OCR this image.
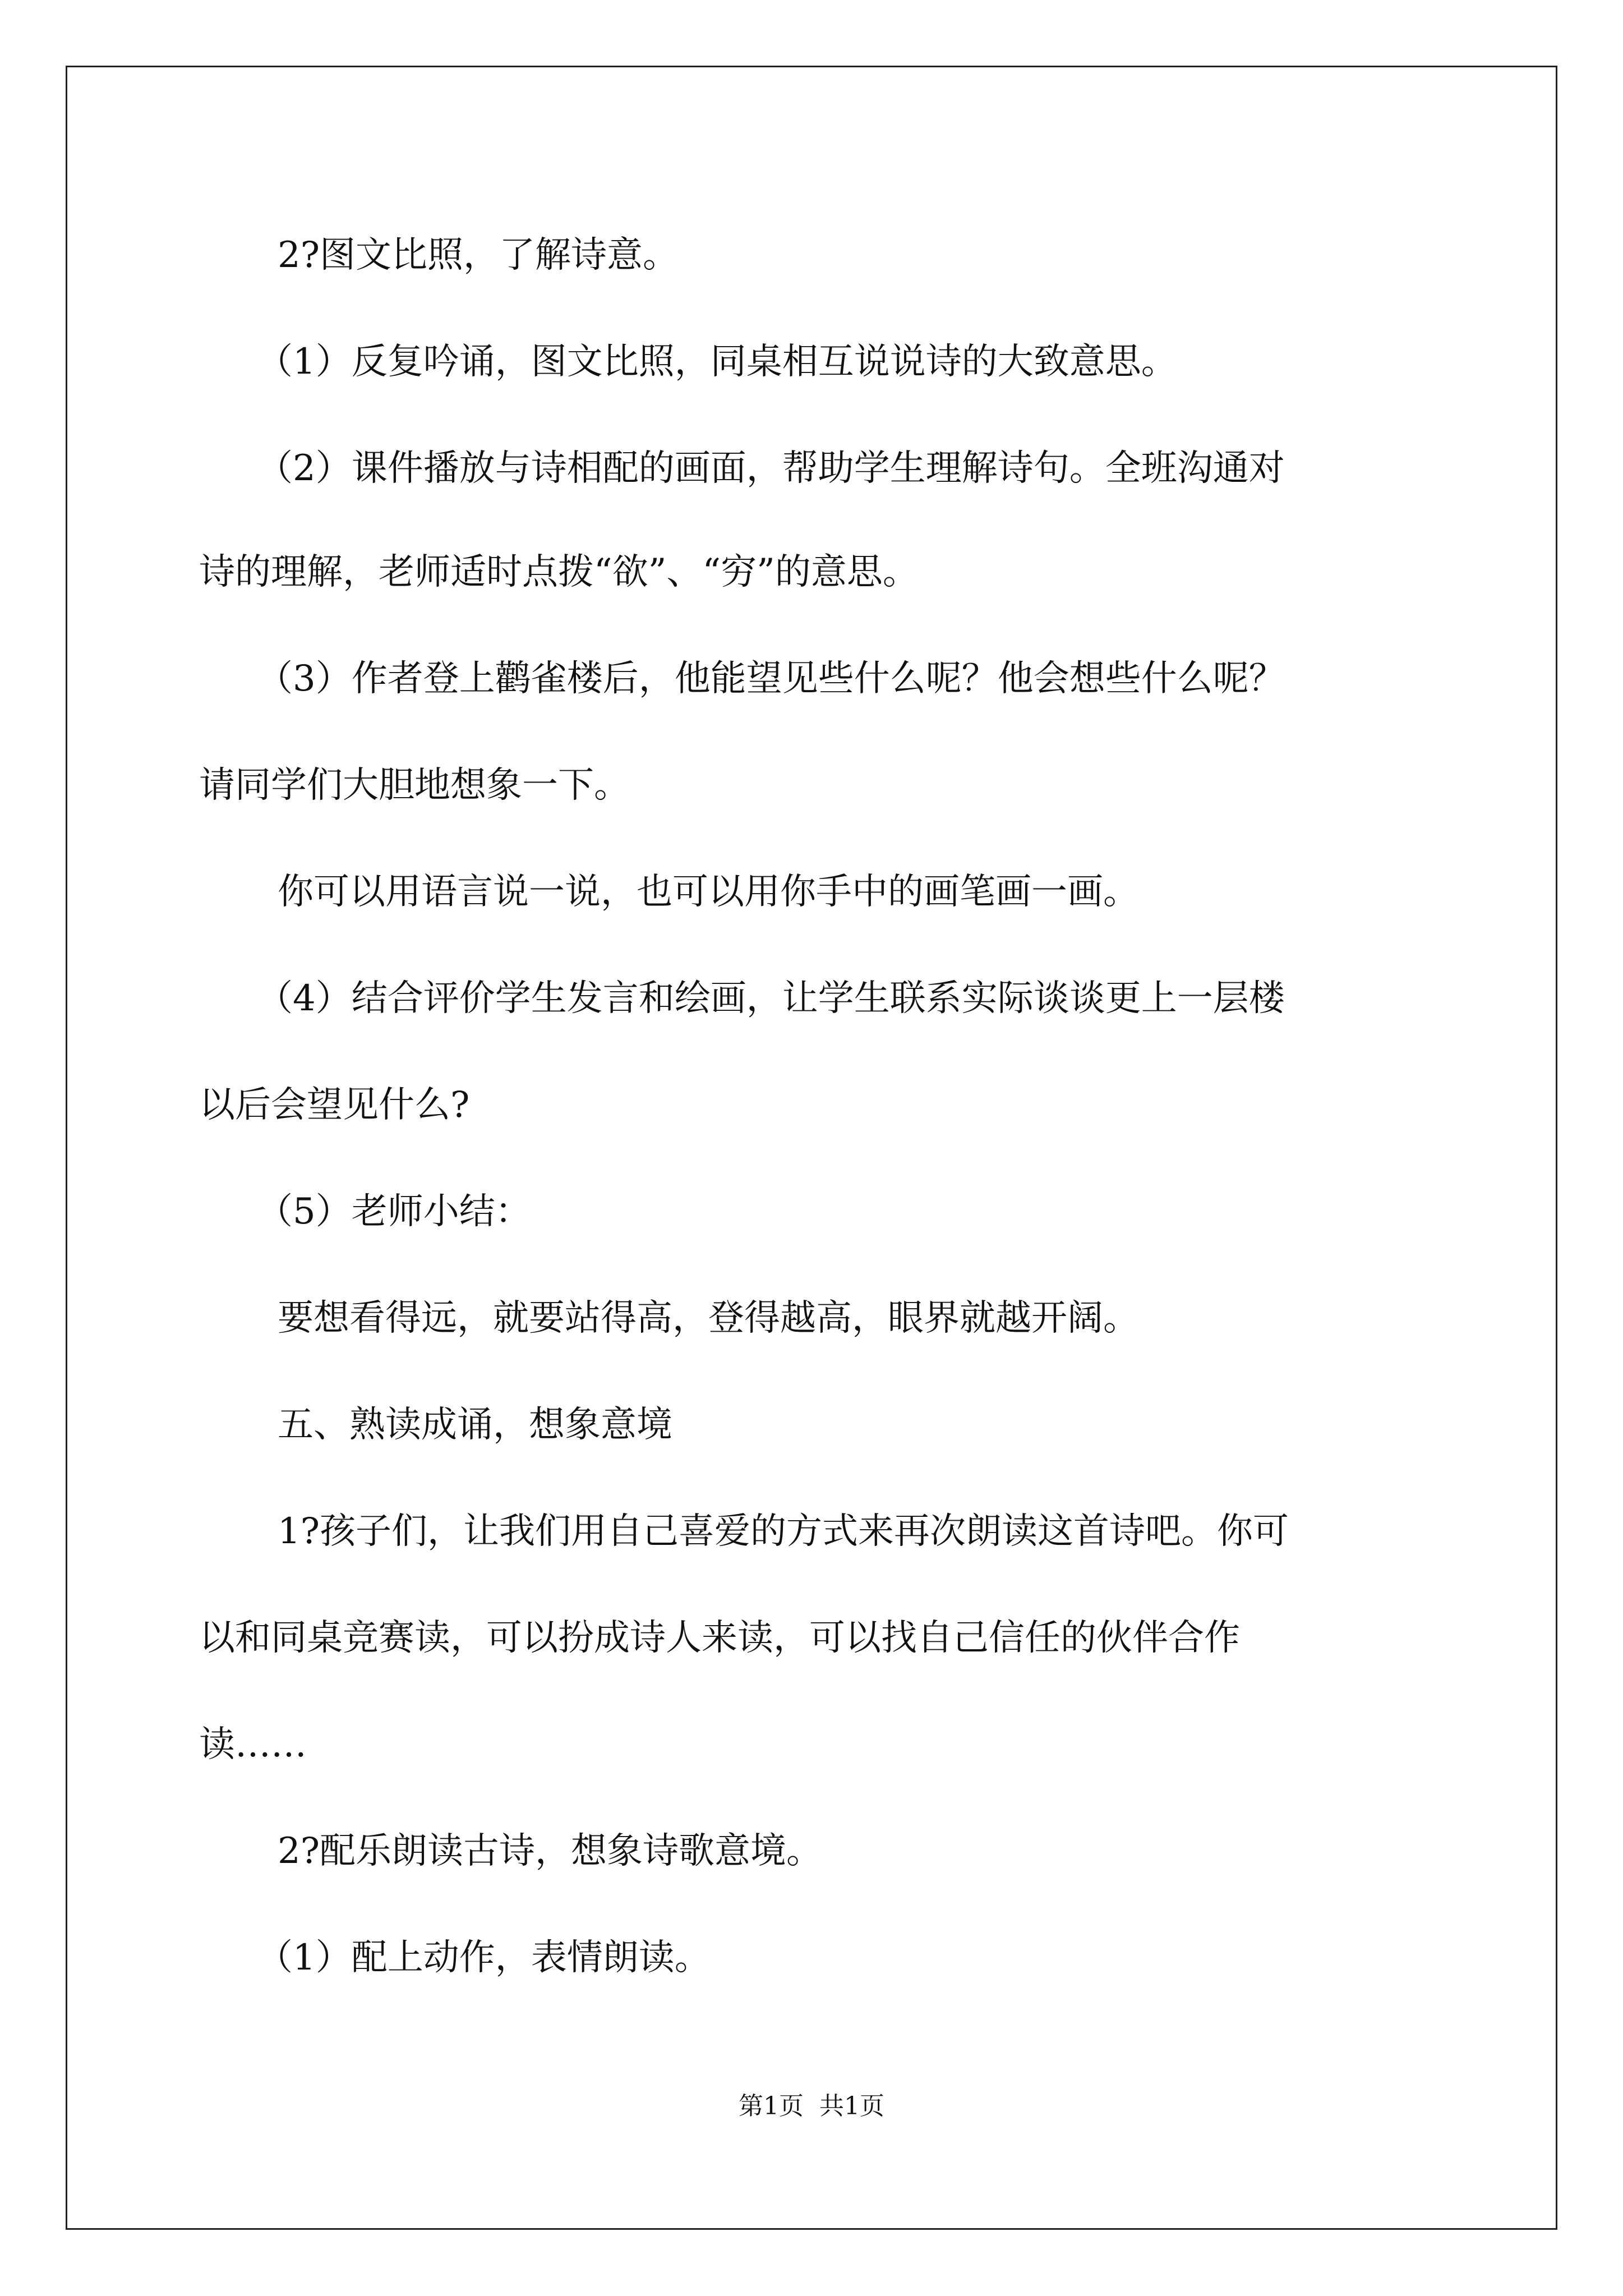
2?图文比照，了解诗意。

（1）反复吟诵，图文比照，同桌相互说说诗的大致意思。

（2）课件播放与诗相配的画面，帮助学生理解诗句。全班沟通对

诗的理解，老师适时点拨“欲”、“穷”的意思。

（3）作者登上鹳雀楼后，他能望见些什么呢？他会想些什么呢？

请同学们大胆地想象一下。

你可以用语言说一说，也可以用你手中的画笔画一画。

（4）结合评价学生发言和绘画，让学生联系实际谈谈更上一层楼

以后会望见什么?

（5）老师小结：

要想看得远，就要站得高，登得越高，眼界就越开阔。

五、熟读成诵，想象意境

1?孩子们，让我们用自己喜爱的方式来再次朗读这首诗吧。你可

以和同桌竞赛读，可以扮成诗人来读，可以找自己信任的伙伴合作

读……

2?配乐朗读古诗，想象诗歌意境。

（1）配上动作，表情朗读。

第1页 共1页
